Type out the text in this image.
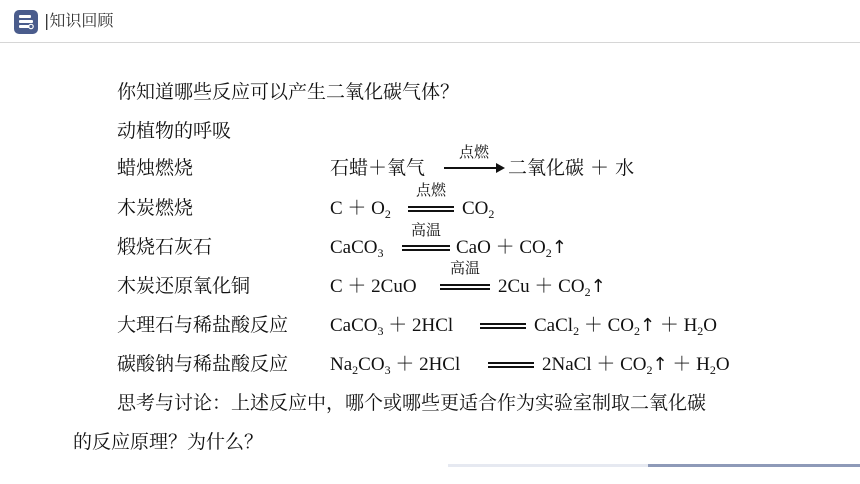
|知识回顾
你知道哪些反应可以产生二氧化碳气体？
动植物的呼吸
蜡烛燃烧
木炭燃烧
煅烧石灰石
木炭还原氧化铜
大理石与稀盐酸反应
碳酸钠与稀盐酸反应
石蜡＋氧气
点燃
二氧化碳 ＋ 水
$C + O_2$
点燃
$CO_2$
CaCO$_3$
高温
CaO ＋ $CO_2↑$
C ＋ 2CuO
高温
$2Cu + CO_2↑$
CaCO$_3$ ＋ 2HCl	CaCl$_2$ ＋ $CO_2↑ + H_2O$
$Na_2CO_3 + 2HCl$	2NaCl ＋ $CO_2↑ + H_2O$
思考与讨论：上述反应中，哪个或哪些更适合作为实验室制取二氧化碳
的反应原理？为什么？
